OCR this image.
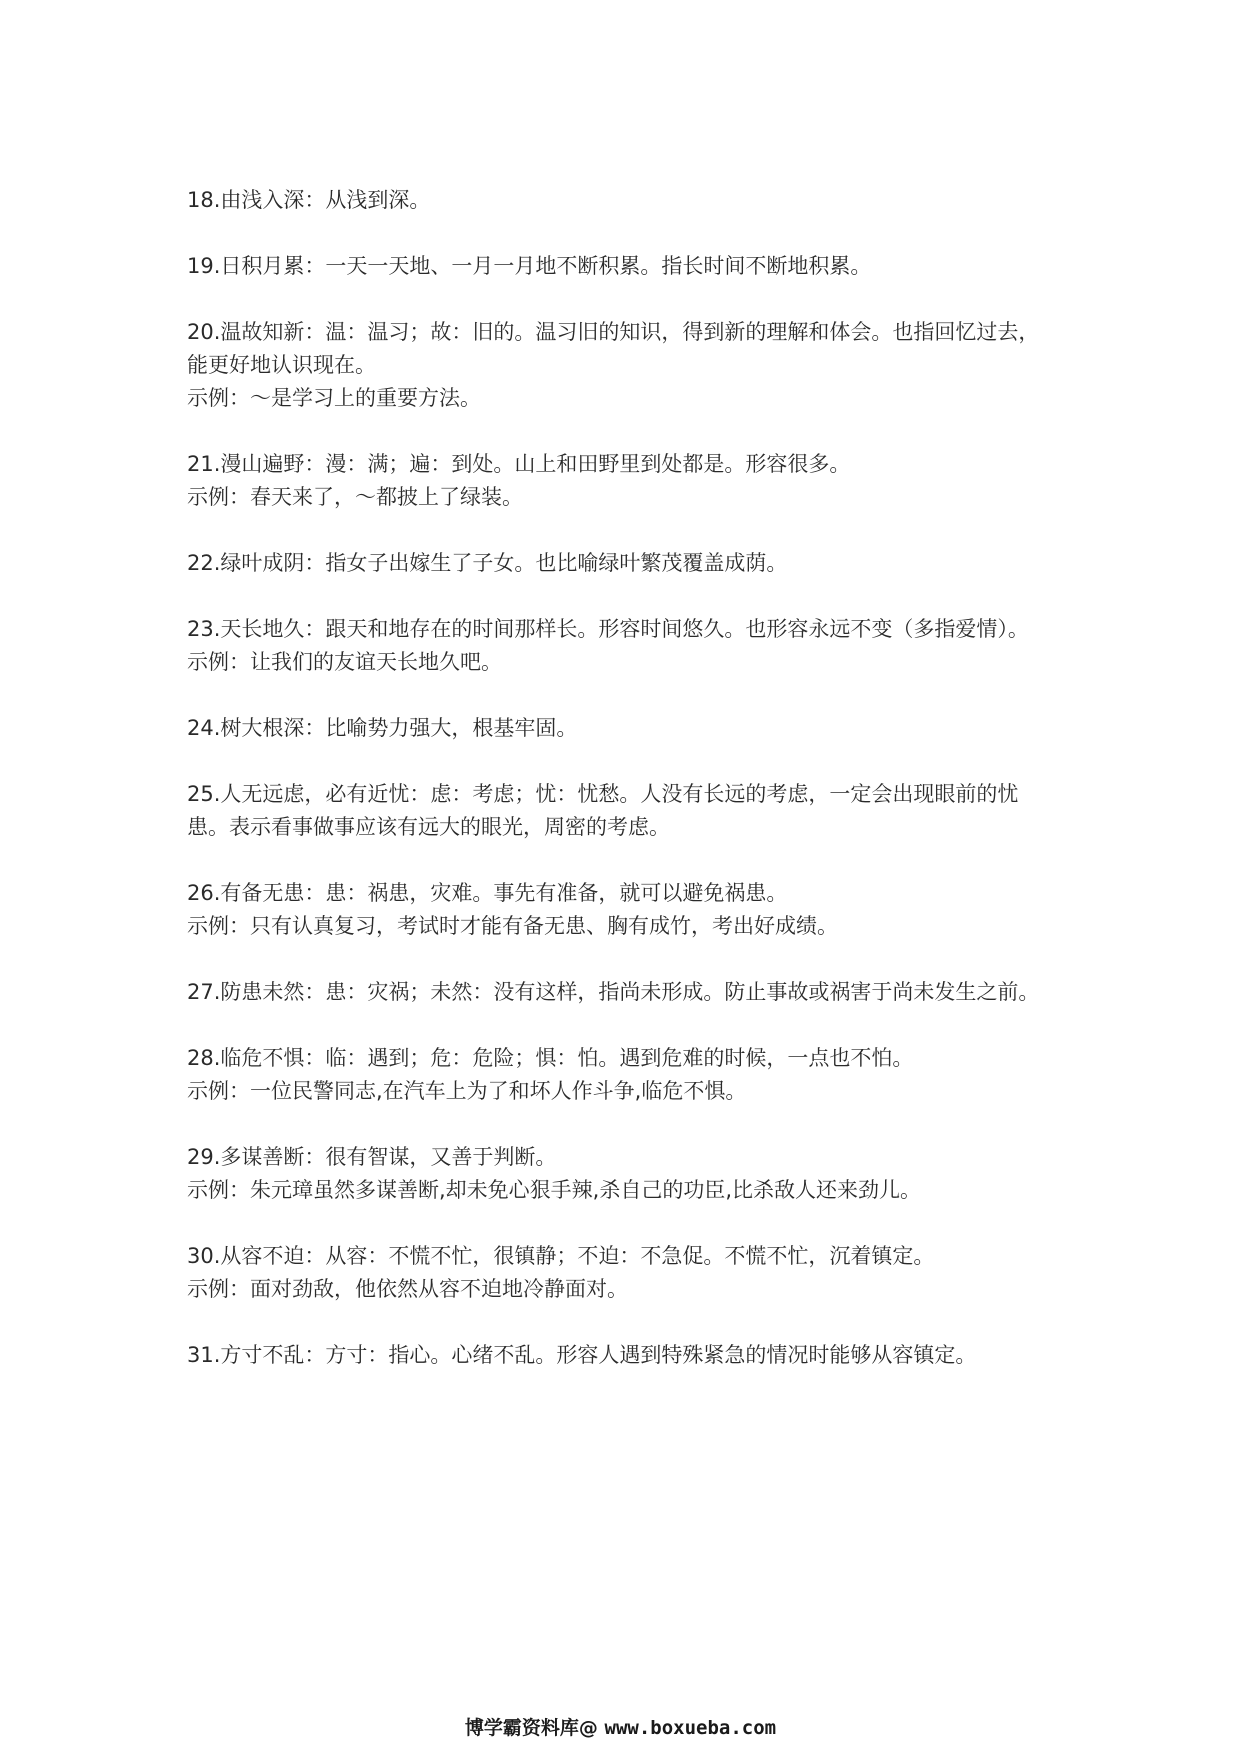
18.由浅入深：从浅到深。

19.日积月累：一天一天地、一月一月地不断积累。指长时间不断地积累。

20.温故知新：温：温习；故：旧的。温习旧的知识，得到新的理解和体会。也指回忆过去，

能更好地认识现在。

示例：～是学习上的重要方法。

21.漫山遍野：漫：满；遍：到处。山上和田野里到处都是。形容很多。

示例：春天来了，～都披上了绿装。

22.绿叶成阴：指女子出嫁生了子女。也比喻绿叶繁茂覆盖成荫。

23.天长地久：跟天和地存在的时间那样长。形容时间悠久。也形容永远不变（多指爱情）。

示例：让我们的友谊天长地久吧。

24.树大根深：比喻势力强大，根基牢固。

25.人无远虑，必有近忧：虑：考虑；忧：忧愁。人没有长远的考虑，一定会出现眼前的忧

患。表示看事做事应该有远大的眼光，周密的考虑。

26.有备无患：患：祸患，灾难。事先有准备，就可以避免祸患。

示例：只有认真复习，考试时才能有备无患、胸有成竹，考出好成绩。

27.防患未然：患：灾祸；未然：没有这样，指尚未形成。防止事故或祸害于尚未发生之前。

28.临危不惧：临：遇到；危：危险；惧：怕。遇到危难的时候，一点也不怕。

示例：一位民警同志,在汽车上为了和坏人作斗争,临危不惧。

29.多谋善断：很有智谋，又善于判断。

示例：朱元璋虽然多谋善断,却未免心狠手辣,杀自己的功臣,比杀敌人还来劲儿。

30.从容不迫：从容：不慌不忙，很镇静；不迫：不急促。不慌不忙，沉着镇定。

示例：面对劲敌，他依然从容不迫地冷静面对。

31.方寸不乱：方寸：指心。心绪不乱。形容人遇到特殊紧急的情况时能够从容镇定。

博学霸资料库@ www.boxueba.com
